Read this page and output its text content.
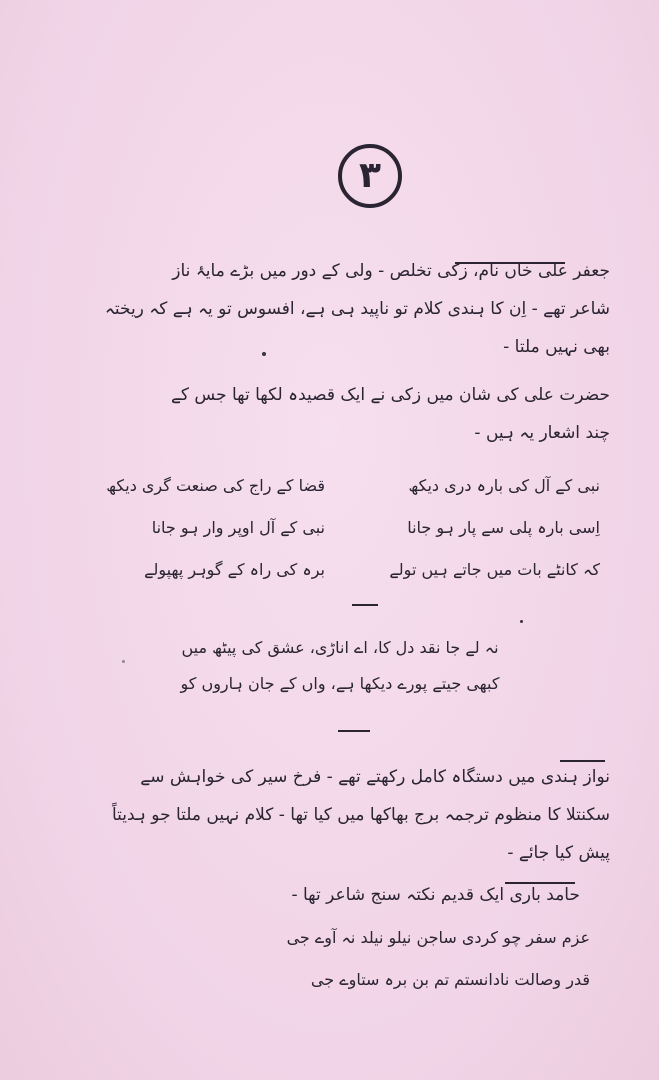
۳

جعفر علی خاں نام، زکی تخلص - ولی کے دور میں بڑے مایۂ ناز

شاعر تھے - اِن کا ہندی کلام تو ناپید ہی ہے، افسوس تو یہ ہے کہ ریختہ

بھی نہیں ملتا -

حضرت علی کی شان میں زکی نے ایک قصیدہ لکھا تھا جس کے

چند اشعار یہ ہیں -

قضا کے راج کی صنعت گری دیکھ	نبی کے آل کی بارہ دری دیکھ
نبی کے آل اوپر وار ہو جانا	اِسی بارہ پلی سے پار ہو جانا
برہ کی راہ کے گوہر پھپولے	کہ کانٹے بات میں جاتے ہیں تولے

نہ لے جا نقد دل کا، اے اناڑی، عشق کی پیٹھ میں

کبھی جیتے پورے دیکھا ہے، واں کے جان ہاروں کو

نواز ہندی میں دستگاہ کامل رکھتے تھے - فرخ سیر کی خواہش سے

سکنتلا کا منظوم ترجمہ برج بھاکھا میں کیا تھا - کلام نہیں ملتا جو ہدیتاً

پیش کیا جائے -

حامد باری ایک قدیم نکتہ سنج شاعر تھا -

عزم سفر چو کردی ساجن نیلو نیلد نہ آوے جی

قدر وصالت نادانستم تم بن برہ ستاوے جی
